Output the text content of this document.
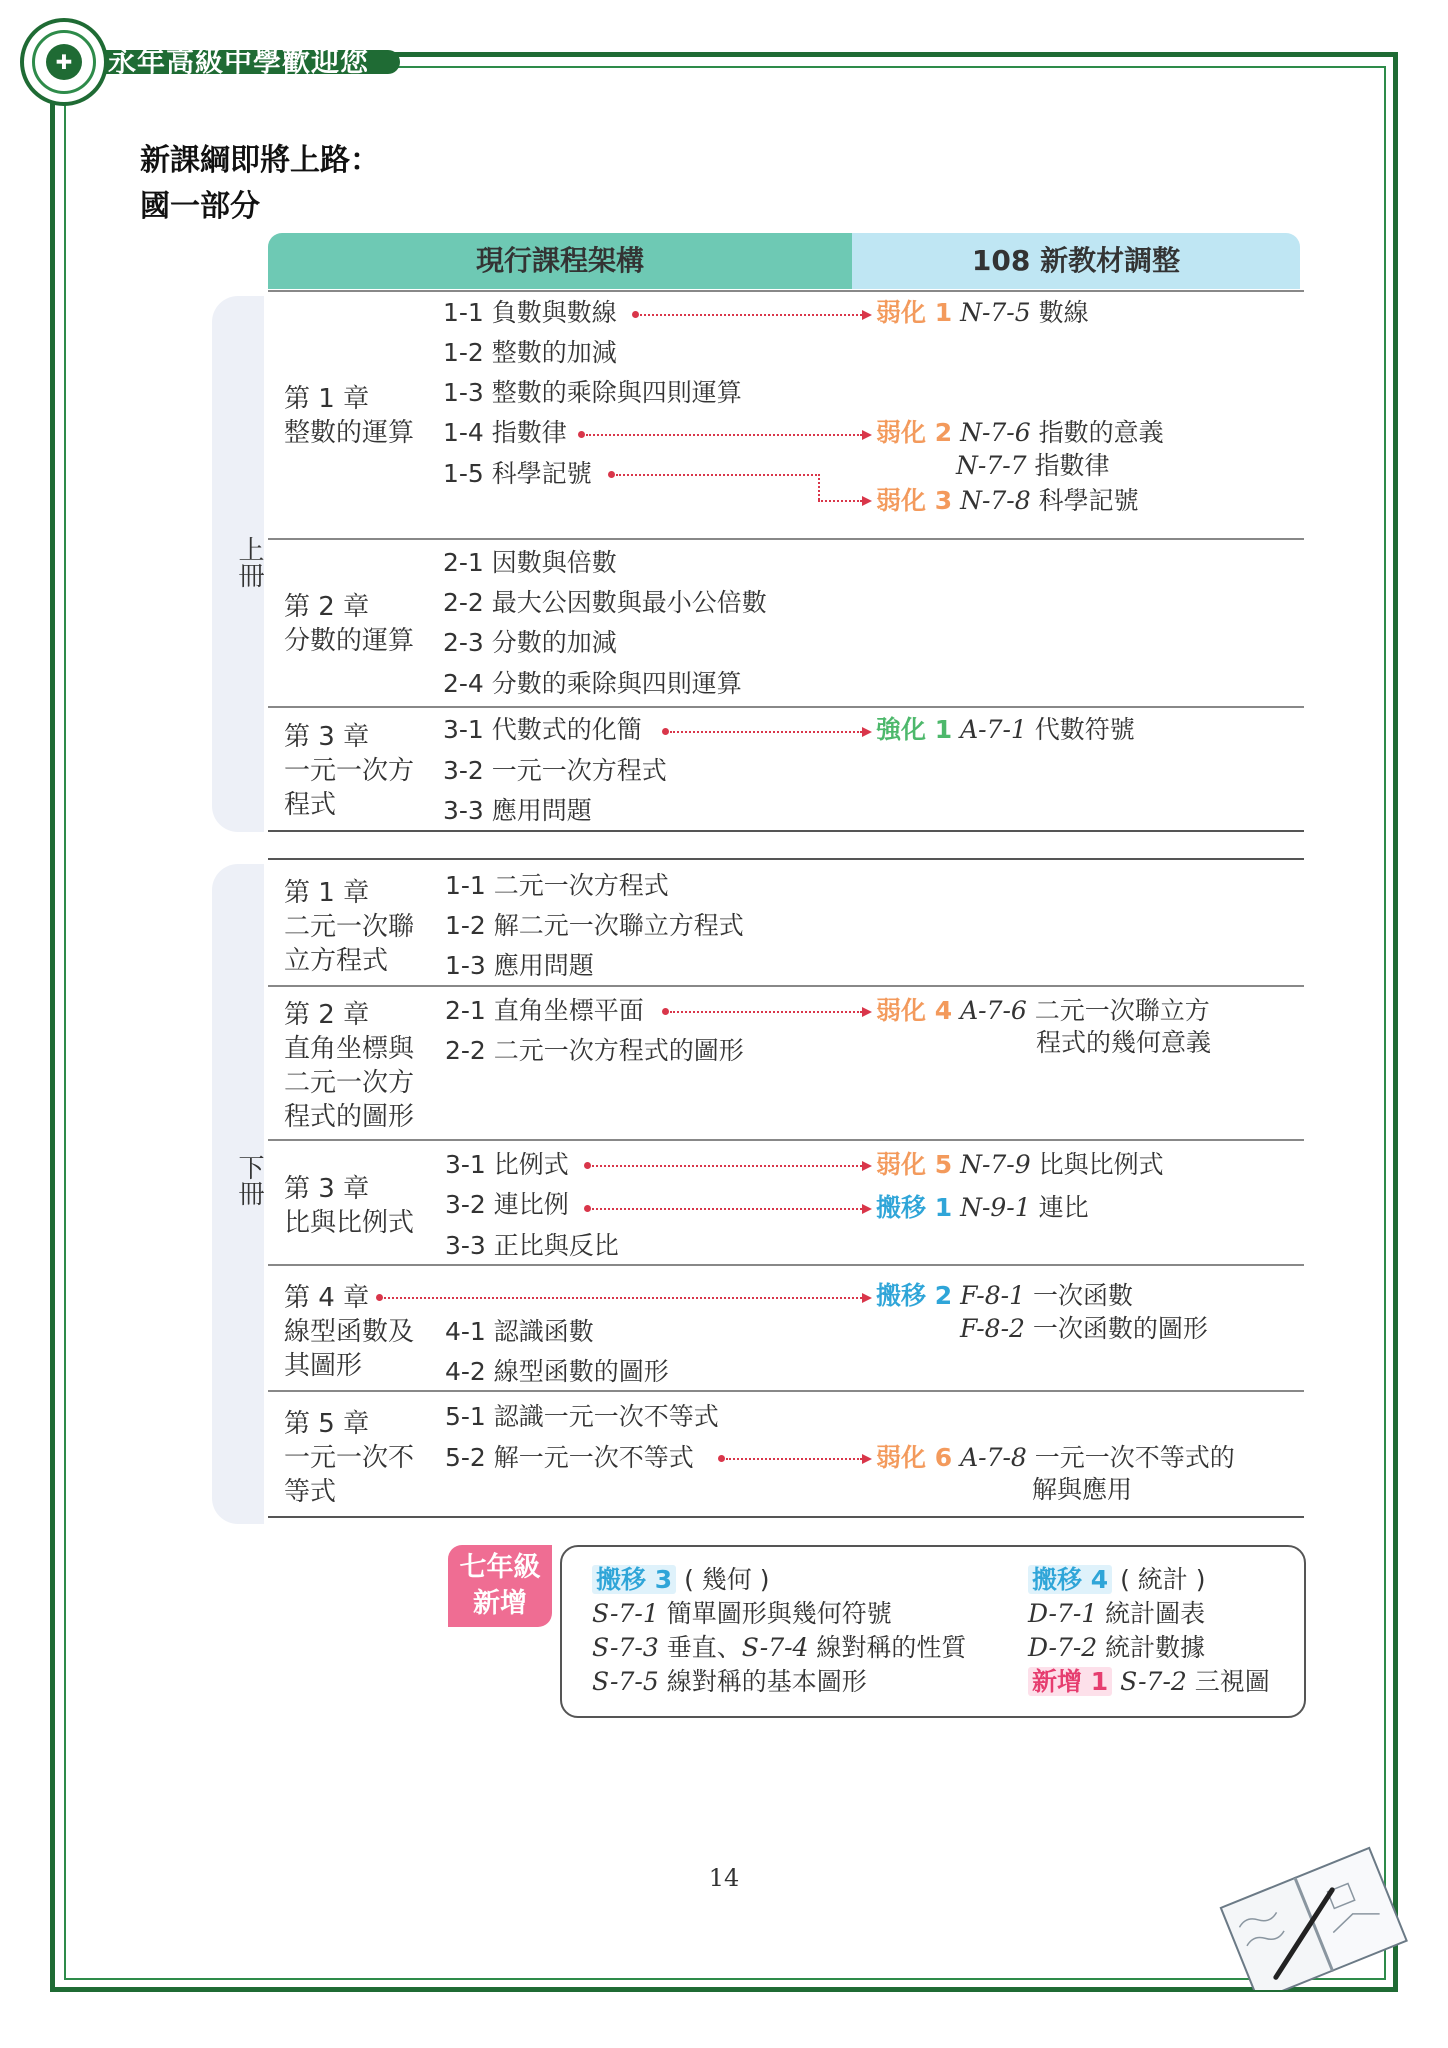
永年高級中學歡迎您
✚
新課綱即將上路：
國一部分
現行課程架構	108 新教材調整
上冊
下冊
第 1 章
整數的運算
第 2 章
分數的運算
第 3 章
一元一次方
程式
第 1 章
二元一次聯
立方程式
第 2 章
直角坐標與
二元一次方
程式的圖形
第 3 章
比與比例式
第 4 章
線型函數及
其圖形
第 5 章
一元一次不
等式
1-1 負數與數線
1-2 整數的加減
1-3 整數的乘除與四則運算
1-4 指數律
1-5 科學記號
2-1 因數與倍數
2-2 最大公因數與最小公倍數
2-3 分數的加減
2-4 分數的乘除與四則運算
3-1 代數式的化簡
3-2 一元一次方程式
3-3 應用問題
1-1 二元一次方程式
1-2 解二元一次聯立方程式
1-3 應用問題
2-1 直角坐標平面
2-2 二元一次方程式的圖形
3-1 比例式
3-2 連比例
3-3 正比與反比
4-1 認識函數
4-2 線型函數的圖形
5-1 認識一元一次不等式
5-2 解一元一次不等式
弱化 1 N-7-5 數線
弱化 2 N-7-6 指數的意義
N-7-7 指數律
弱化 3 N-7-8 科學記號
強化 1 A-7-1 代數符號
弱化 4 A-7-6 二元一次聯立方
程式的幾何意義
弱化 5 N-7-9 比與比例式
搬移 1 N-9-1 連比
搬移 2 F-8-1 一次函數
F-8-2 一次函數的圖形
弱化 6 A-7-8 一元一次不等式的
解與應用
七年級
新增
搬移 3 ( 幾何 )
S-7-1 簡單圖形與幾何符號
S-7-3 垂直、S-7-4 線對稱的性質
S-7-5 線對稱的基本圖形
搬移 4 ( 統計 )
D-7-1 統計圖表
D-7-2 統計數據
新增 1 S-7-2 三視圖
14
